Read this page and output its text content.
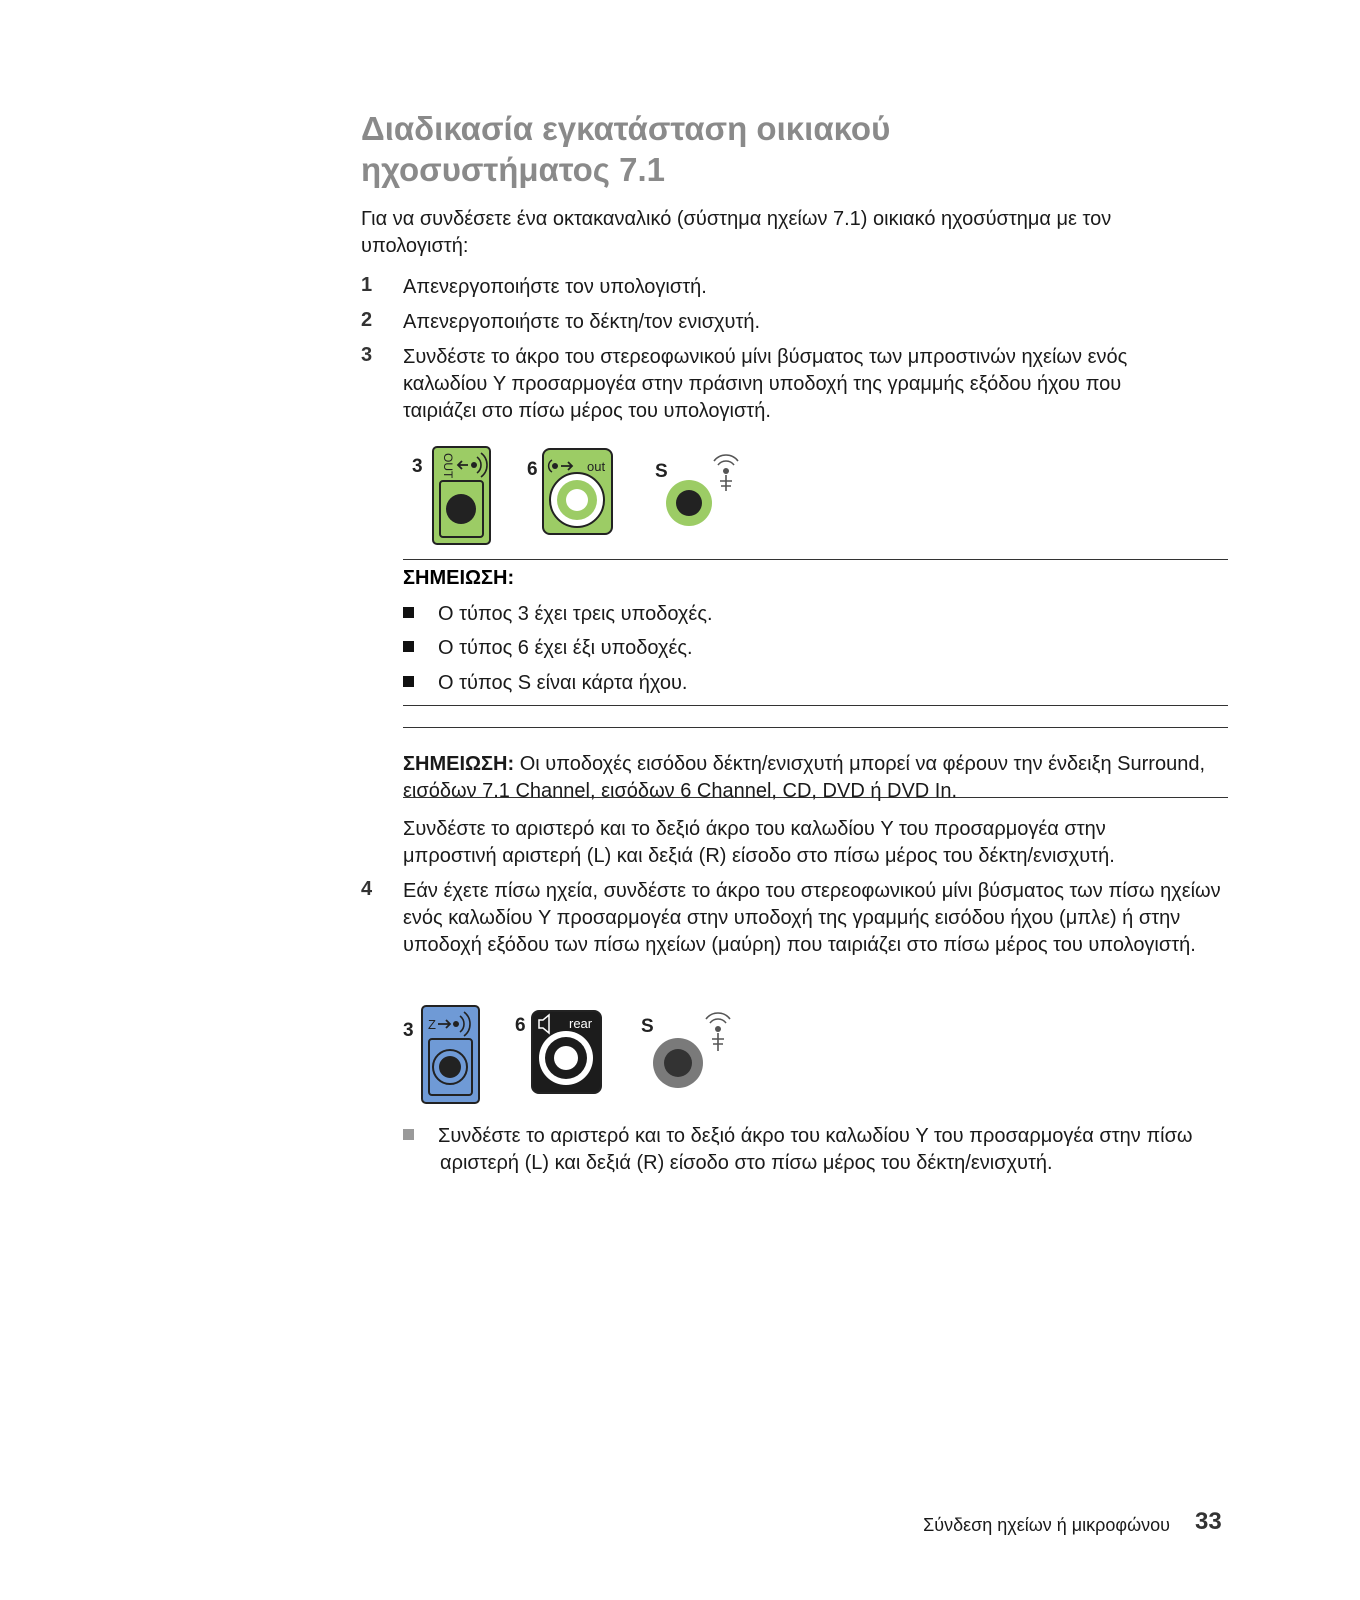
Διαδικασία εγκατάσταση οικιακού
ηχοσυστήματος 7.1

Για να συνδέσετε ένα οκτακαναλικό (σύστημα ηχείων 7.1) οικιακό ηχοσύστημα με τον υπολογιστή:

1	Απενεργοποιήστε τον υπολογιστή.

2	Απενεργοποιήστε το δέκτη/τον ενισχυτή.

3	Συνδέστε το άκρο του στερεοφωνικού μίνι βύσματος των μπροστινών ηχείων ενός καλωδίου Y προσαρμογέα στην πράσινη υποδοχή της γραμμής εξόδου ήχου που ταιριάζει στο πίσω μέρος του υπολογιστή.

3 OUT	6	out	S
ΣΗΜΕΙΩΣΗ:
Ο τύπος 3 έχει τρεις υποδοχές.
Ο τύπος 6 έχει έξι υποδοχές.
Ο τύπος S είναι κάρτα ήχου.

ΣΗΜΕΙΩΣΗ: Οι υποδοχές εισόδου δέκτη/ενισχυτή μπορεί να φέρουν την ένδειξη Surround, εισόδων 7.1 Channel, εισόδων 6 Channel, CD, DVD ή DVD In.

Συνδέστε το αριστερό και το δεξιό άκρο του καλωδίου Y του προσαρμογέα στην μπροστινή αριστερή (L) και δεξιά (R) είσοδο στο πίσω μέρος του δέκτη/ενισχυτή.

4	Εάν έχετε πίσω ηχεία, συνδέστε το άκρο του στερεοφωνικού μίνι βύσματος των πίσω ηχείων ενός καλωδίου Y προσαρμογέα στην υποδοχή της γραμμής εισόδου ήχου (μπλε) ή στην υποδοχή εξόδου των πίσω ηχείων (μαύρη) που ταιριάζει στο πίσω μέρος του υπολογιστή.

3 Z	6	rear	S
Συνδέστε το αριστερό και το δεξιό άκρο του καλωδίου Y του προσαρμογέα στην πίσω αριστερή (L) και δεξιά (R) είσοδο στο πίσω μέρος του δέκτη/ενισχυτή.
Σύνδεση ηχείων ή μικροφώνου 33
